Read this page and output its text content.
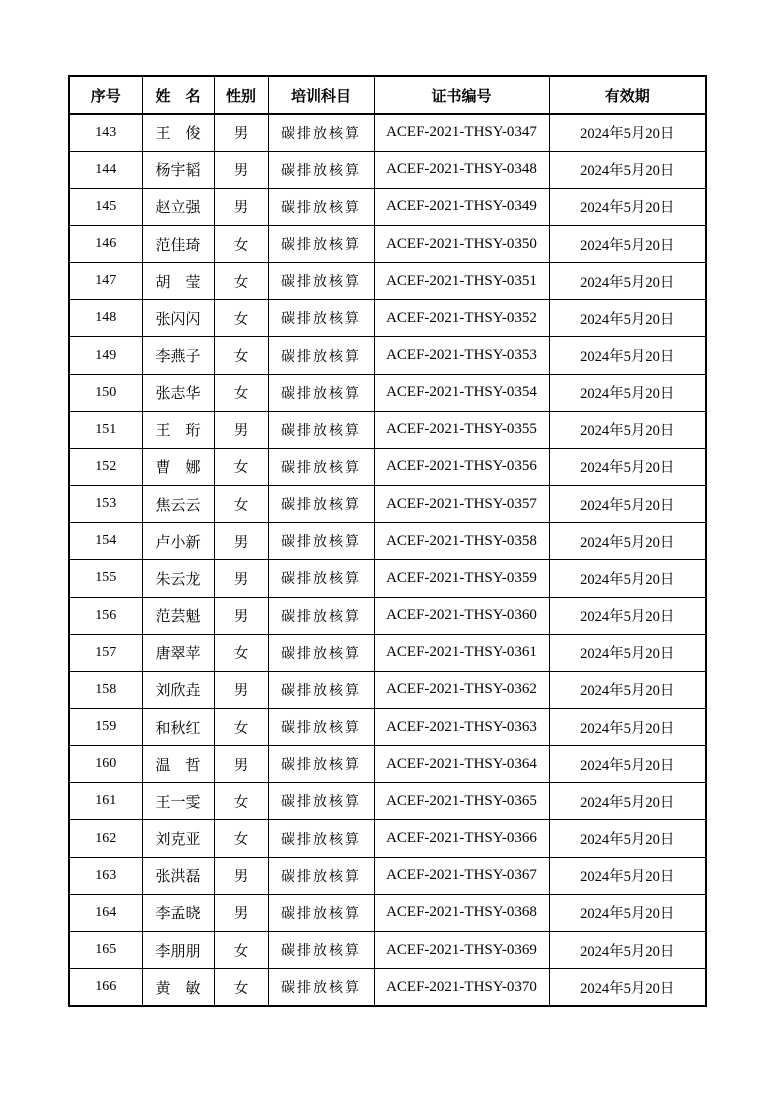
序号	姓　名	性别	培训科目	证书编号	有效期
143	王　俊	男	碳排放核算	ACEF-2021-THSY-0347	2024年5月20日
144	杨宇韬	男	碳排放核算	ACEF-2021-THSY-0348	2024年5月20日
145	赵立强	男	碳排放核算	ACEF-2021-THSY-0349	2024年5月20日
146	范佳琦	女	碳排放核算	ACEF-2021-THSY-0350	2024年5月20日
147	胡　莹	女	碳排放核算	ACEF-2021-THSY-0351	2024年5月20日
148	张闪闪	女	碳排放核算	ACEF-2021-THSY-0352	2024年5月20日
149	李燕子	女	碳排放核算	ACEF-2021-THSY-0353	2024年5月20日
150	张志华	女	碳排放核算	ACEF-2021-THSY-0354	2024年5月20日
151	王　珩	男	碳排放核算	ACEF-2021-THSY-0355	2024年5月20日
152	曹　娜	女	碳排放核算	ACEF-2021-THSY-0356	2024年5月20日
153	焦云云	女	碳排放核算	ACEF-2021-THSY-0357	2024年5月20日
154	卢小新	男	碳排放核算	ACEF-2021-THSY-0358	2024年5月20日
155	朱云龙	男	碳排放核算	ACEF-2021-THSY-0359	2024年5月20日
156	范芸魁	男	碳排放核算	ACEF-2021-THSY-0360	2024年5月20日
157	唐翠苹	女	碳排放核算	ACEF-2021-THSY-0361	2024年5月20日
158	刘欣垚	男	碳排放核算	ACEF-2021-THSY-0362	2024年5月20日
159	和秋红	女	碳排放核算	ACEF-2021-THSY-0363	2024年5月20日
160	温　哲	男	碳排放核算	ACEF-2021-THSY-0364	2024年5月20日
161	王一雯	女	碳排放核算	ACEF-2021-THSY-0365	2024年5月20日
162	刘克亚	女	碳排放核算	ACEF-2021-THSY-0366	2024年5月20日
163	张洪磊	男	碳排放核算	ACEF-2021-THSY-0367	2024年5月20日
164	李孟晓	男	碳排放核算	ACEF-2021-THSY-0368	2024年5月20日
165	李朋朋	女	碳排放核算	ACEF-2021-THSY-0369	2024年5月20日
166	黄　敏	女	碳排放核算	ACEF-2021-THSY-0370	2024年5月20日
